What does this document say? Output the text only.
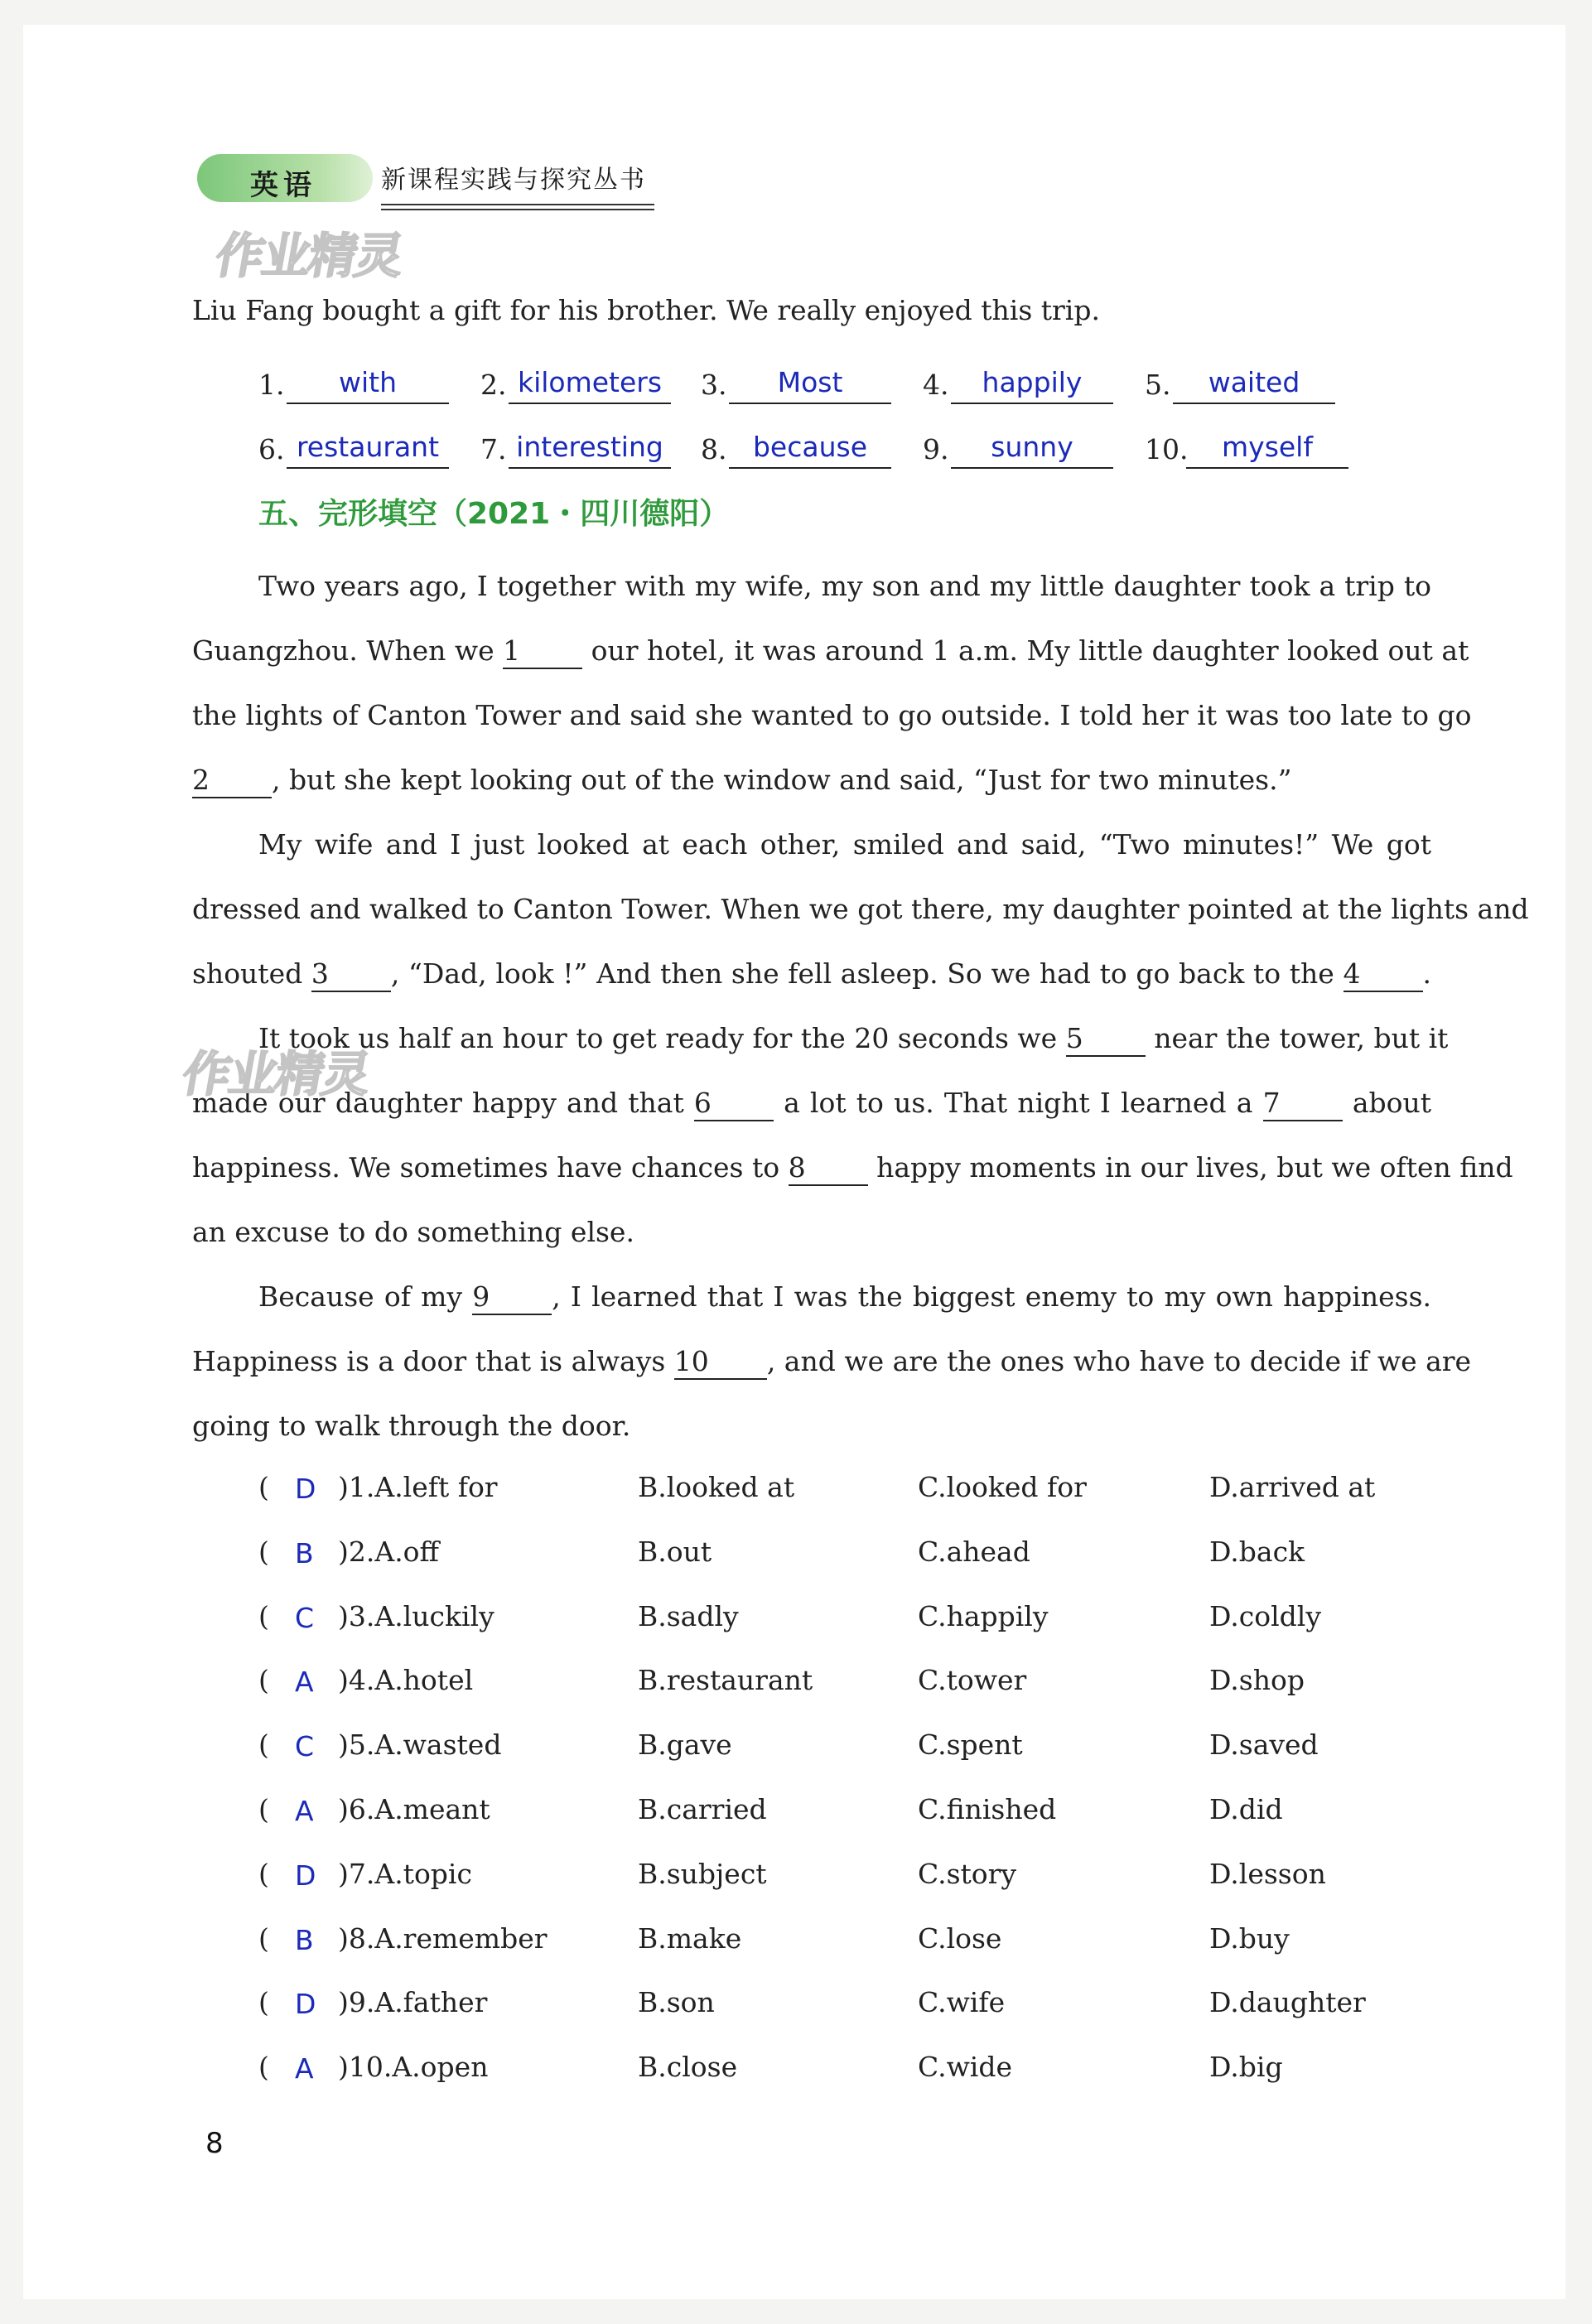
英语	新课程实践与探究丛书
作业精灵
Liu Fang bought a gift for his brother. We really enjoyed this trip.
1.	with	2. kilometers	3.	Most	4.	happily	5.	waited
6. restaurant	7. interesting 8. because	9.	sunny	10.	myself
五、完形填空（2021・四川德阳）
Two years ago, I together with my wife, my son and my little daughter took a trip to
Guangzhou. When we 1	our hotel, it was around 1 a.m. My little daughter looked out at
the lights of Canton Tower and said she wanted to go outside. I told her it was too late to go
2 , but she kept looking out of the window and said, “Just for two minutes.”
My wife and I just looked at each other, smiled and said, “Two minutes!” We got
dressed and walked to Canton Tower. When we got there, my daughter pointed at the lights and
shouted 3 , “Dad, look !” And then she fell asleep. So we had to go back to the 4 .
It took us half an hour to get ready for the 20 seconds we 5	near the tower, but it
made our daughter happy and that 6	a lot to us. That night I learned a 7	about
happiness. We sometimes have chances to 8	happy moments in our lives, but we often find
an excuse to do something else.
Because of my 9 , I learned that I was the biggest enemy to my own happiness.
Happiness is a door that is always 10 , and we are the ones who have to decide if we are
going to walk through the door.
作业精灵
( D )1.A.left for	B.looked at	C.looked for	D.arrived at
( B )2.A.off	B.out	C.ahead	D.back
( C )3.A.luckily	B.sadly	C.happily	D.coldly
( A )4.A.hotel	B.restaurant	C.tower	D.shop
( C )5.A.wasted	B.gave	C.spent	D.saved
( A )6.A.meant	B.carried	C.finished	D.did
( D )7.A.topic	B.subject	C.story	D.lesson
( B )8.A.remember	B.make	C.lose	D.buy
( D )9.A.father	B.son	C.wife	D.daughter
( A )10.A.open	B.close	C.wide	D.big
8
